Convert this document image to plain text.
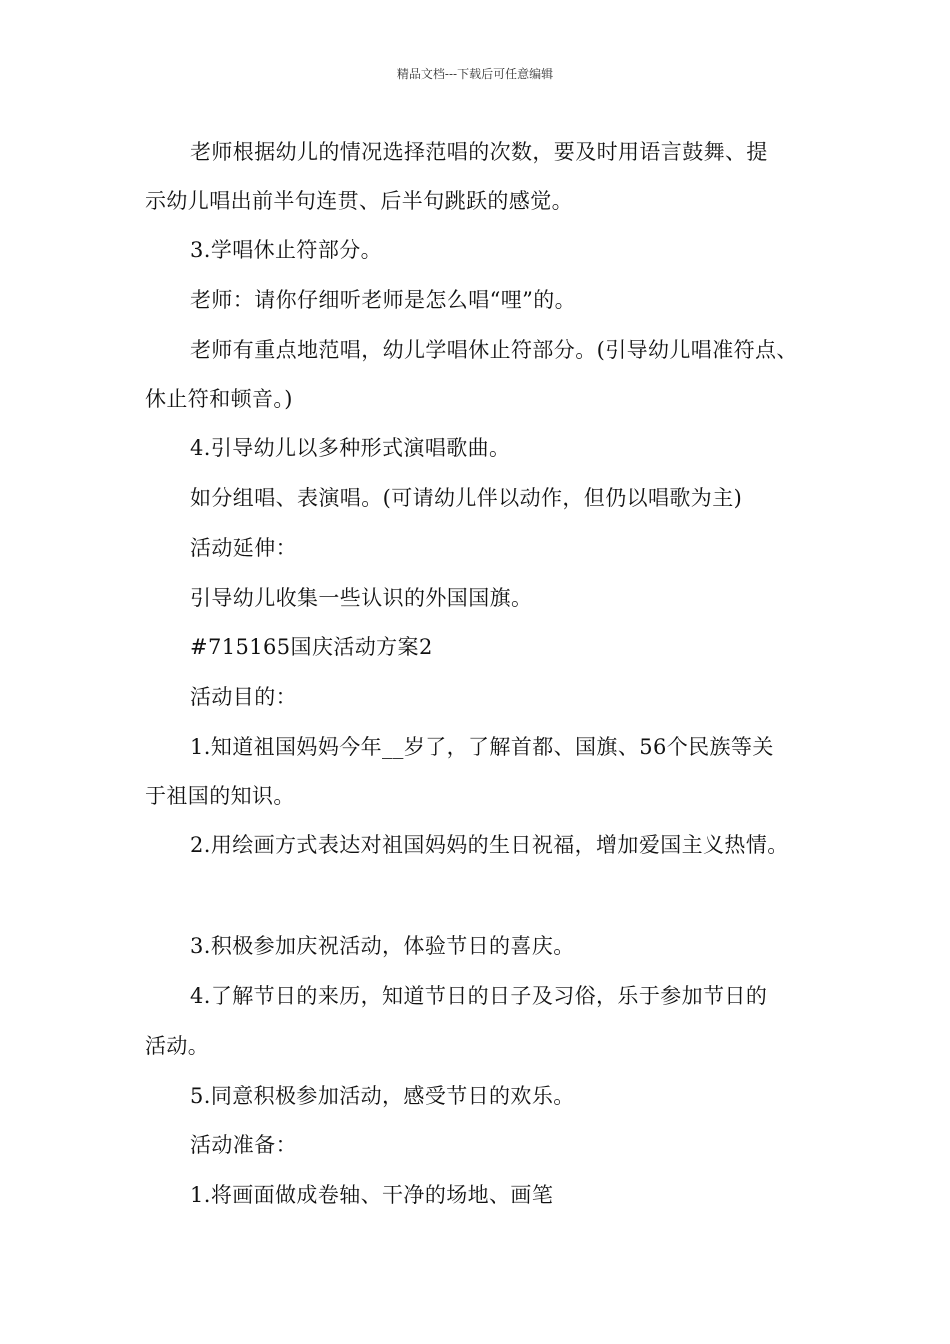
精品文档---下载后可任意编辑
老师根据幼儿的情况选择范唱的次数，要及时用语言鼓舞、提
示幼儿唱出前半句连贯、后半句跳跃的感觉。
3.学唱休止符部分。
老师：请你仔细听老师是怎么唱“哩”的。
老师有重点地范唱，幼儿学唱休止符部分。(引导幼儿唱准符点、
休止符和顿音。)
4.引导幼儿以多种形式演唱歌曲。
如分组唱、表演唱。(可请幼儿伴以动作，但仍以唱歌为主)
活动延伸：
引导幼儿收集一些认识的外国国旗。
#715165国庆活动方案2
活动目的：
1.知道祖国妈妈今年__岁了，了解首都、国旗、56个民族等关
于祖国的知识。
2.用绘画方式表达对祖国妈妈的生日祝福，增加爱国主义热情。
3.积极参加庆祝活动，体验节日的喜庆。
4.了解节日的来历，知道节日的日子及习俗，乐于参加节日的
活动。
5.同意积极参加活动，感受节日的欢乐。
活动准备：
1.将画面做成卷轴、干净的场地、画笔
